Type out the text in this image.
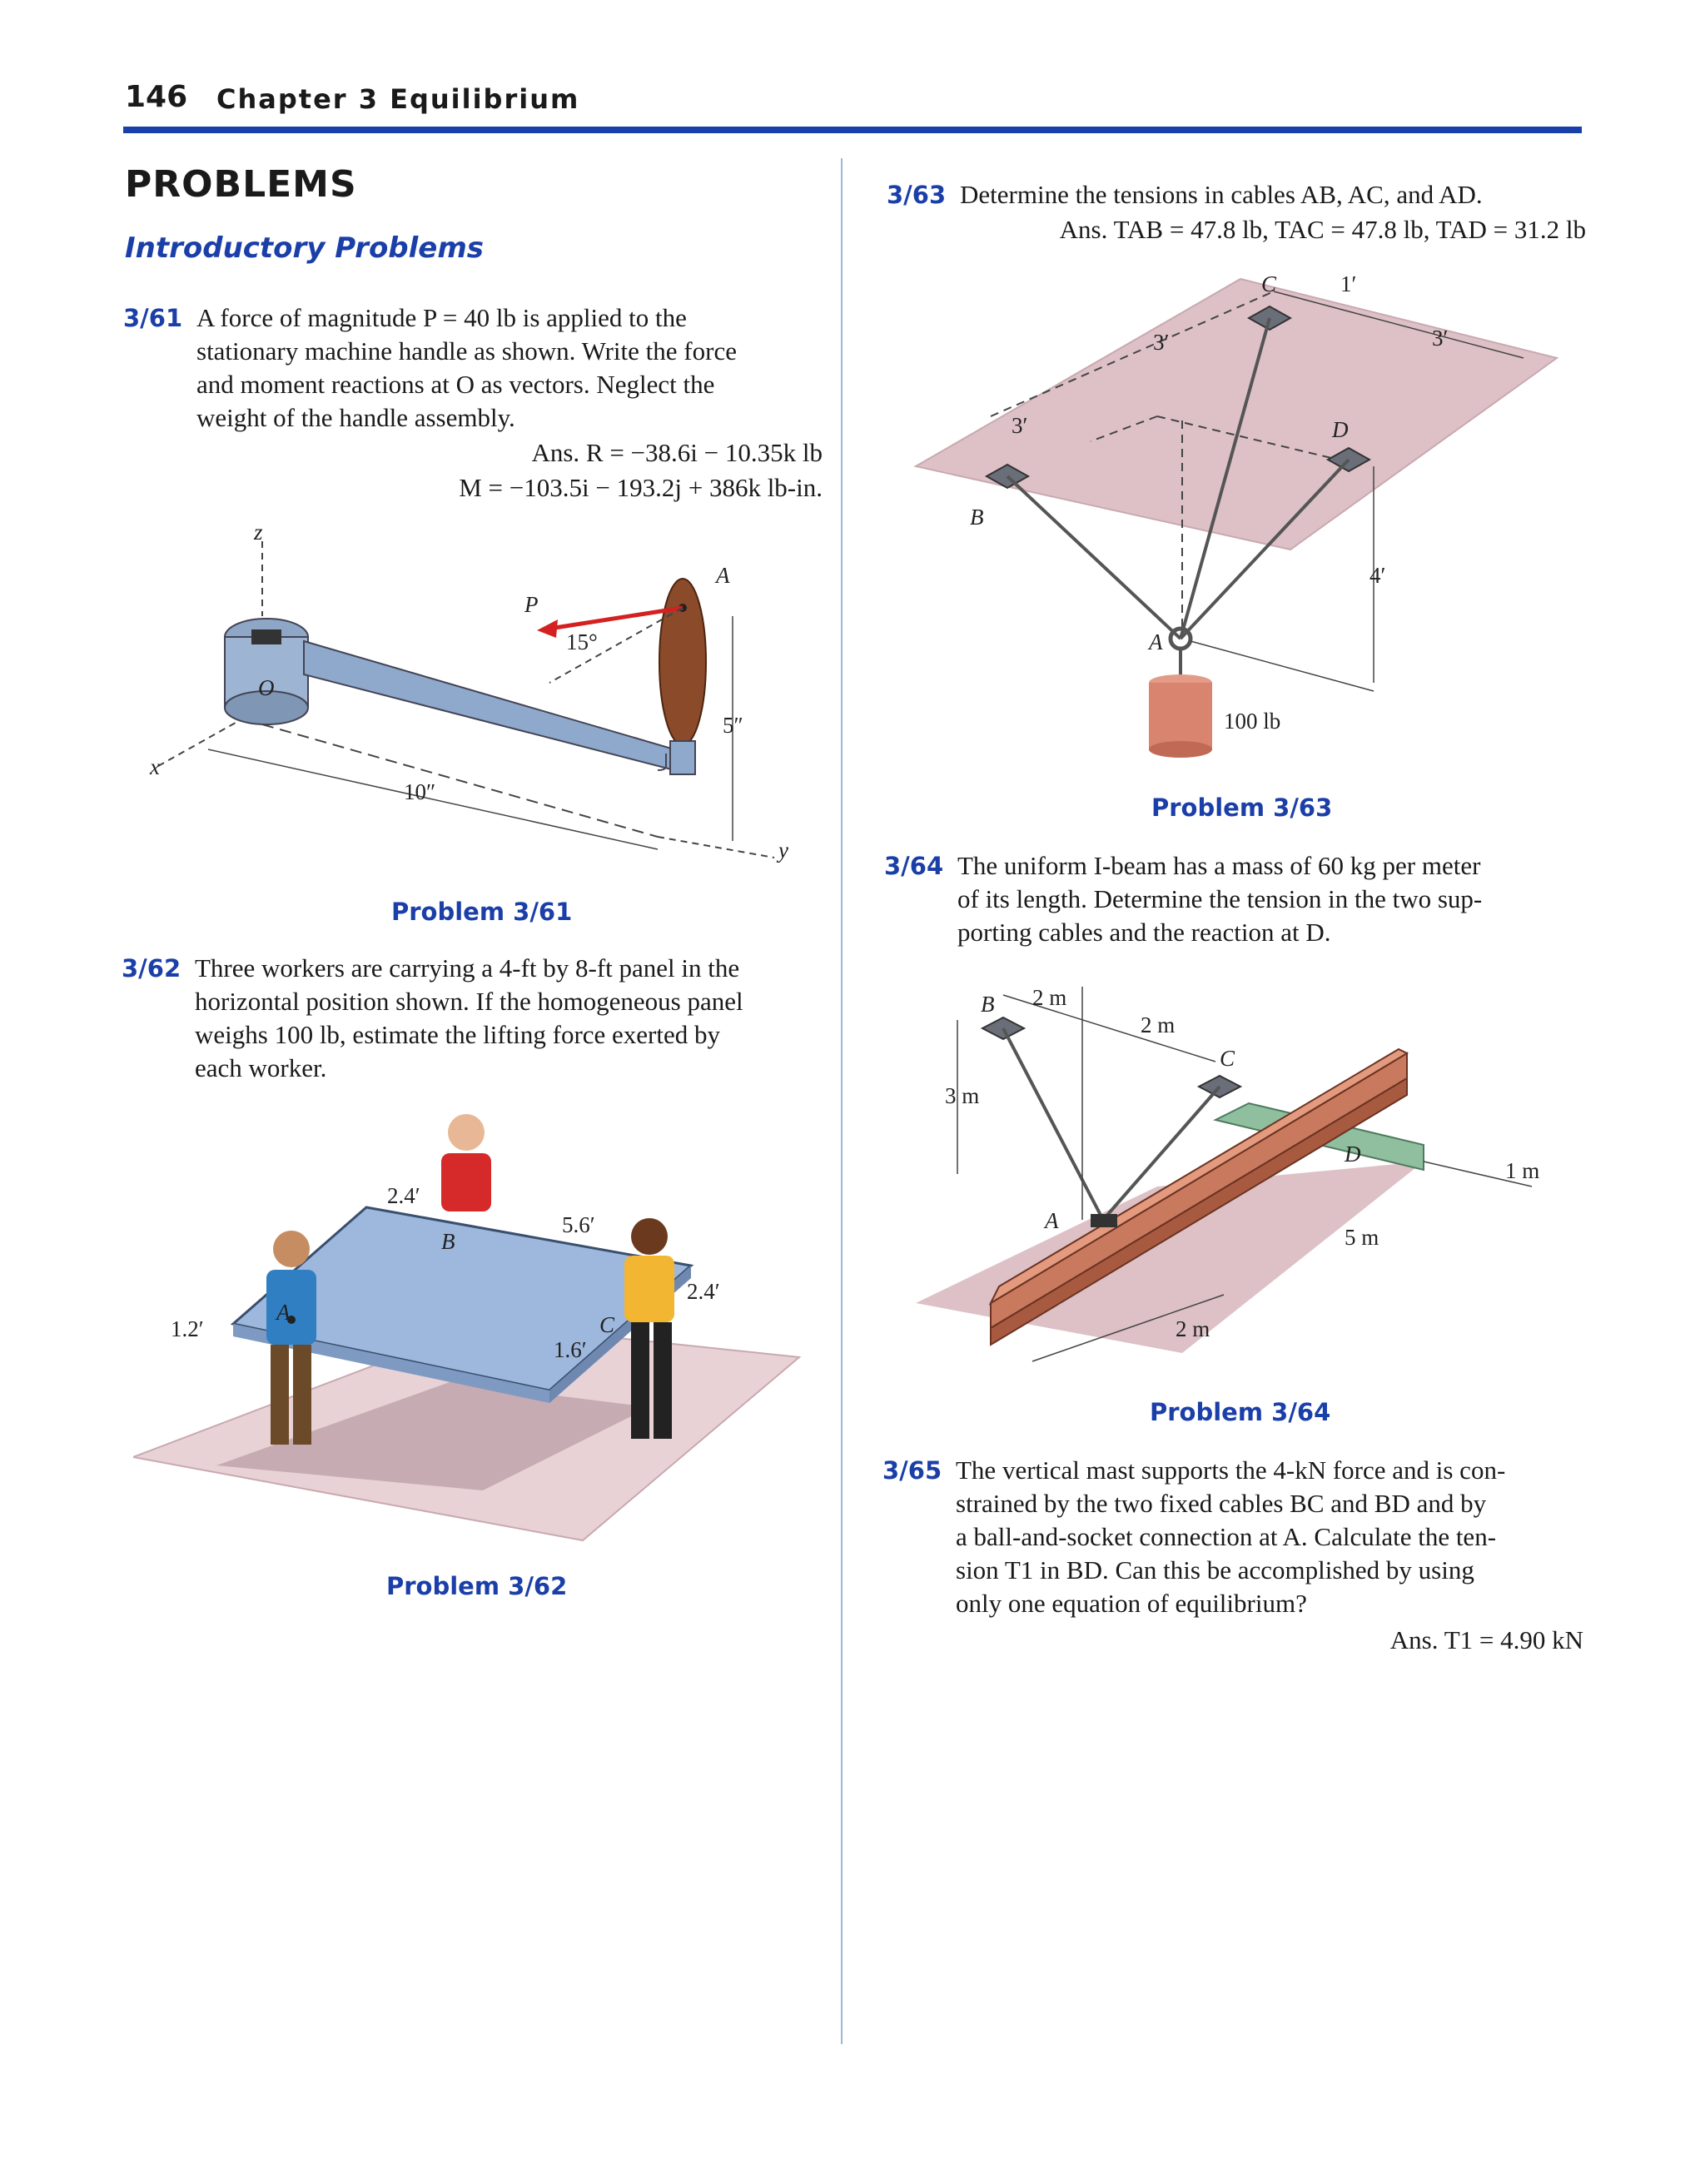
146 Chapter 3 Equilibrium
PROBLEMS
Introductory Problems
3/61 A force of magnitude P = 40 lb is applied to the
stationary machine handle as shown. Write the force
and moment reactions at O as vectors. Neglect the
weight of the handle assembly.
Ans. R = −38.6i − 10.35k lb
M = −103.5i − 193.2j + 386k lb-in.
z
x
O
A
P
15°
10″
5″
y
Problem 3/61
3/62 Three workers are carrying a 4-ft by 8-ft panel in the
horizontal position shown. If the homogeneous panel
weighs 100 lb, estimate the lifting force exerted by
each worker.
A
B
C
2.4′
5.6′
2.4′
1.2′
1.6′
Problem 3/62
3/63 Determine the tensions in cables AB, AC, and AD.
Ans. TAB = 47.8 lb, TAC = 47.8 lb, TAD = 31.2 lb
B
C
D
A
3′
3′
1′
3′
4′
100 lb
Problem 3/63
3/64 The uniform I-beam has a mass of 60 kg per meter
of its length. Determine the tension in the two sup-
porting cables and the reaction at D.
B
C
D
A
2 m
2 m
3 m
1 m
5 m
2 m
Problem 3/64
3/65 The vertical mast supports the 4-kN force and is con-
strained by the two fixed cables BC and BD and by
a ball-and-socket connection at A. Calculate the ten-
sion T1 in BD. Can this be accomplished by using
only one equation of equilibrium?
Ans. T1 = 4.90 kN
